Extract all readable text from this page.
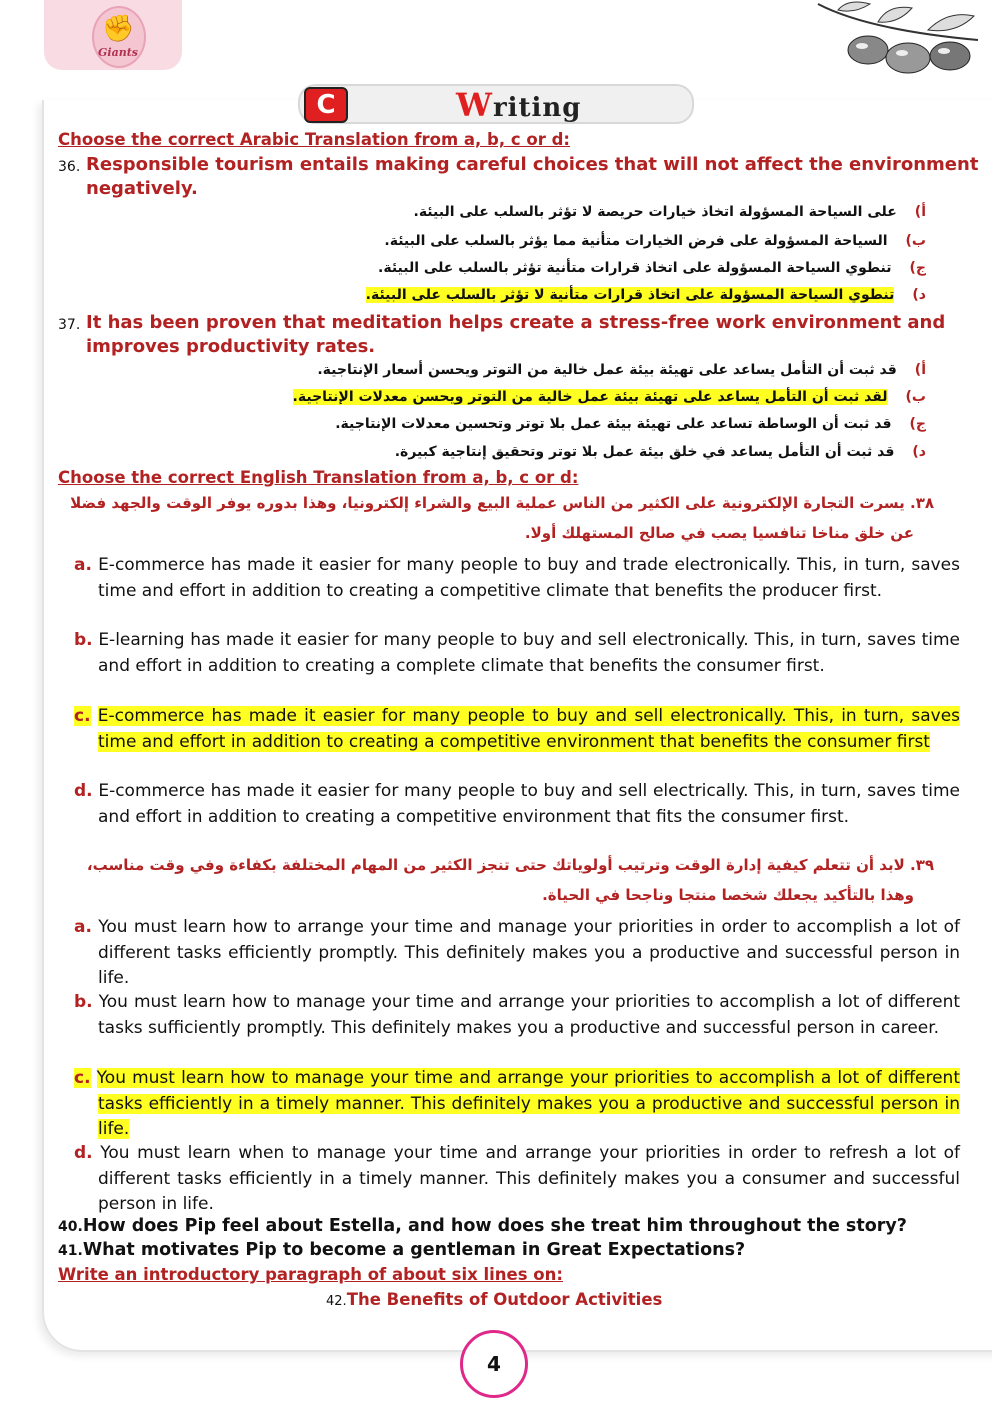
✊
Giants
C	Writing
Choose the correct Arabic Translation from a, b, c or d:
36. Responsible tourism entails making careful choices that will not affect the environment
negatively.
أ)على السياحة المسؤولة اتخاذ خيارات حريصة لا تؤثر بالسلب على البيئة.
ب)السياحة المسؤولة على فرض الخيارات متأنية مما يؤثر بالسلب على البيئة.
ج)تنطوي السياحة المسؤولة على اتخاذ قرارات متأنية تؤثر بالسلب على البيئة.
د)تنطوي السياحة المسؤولة على اتخاذ قرارات متأنية لا تؤثر بالسلب على البيئة.
37. It has been proven that meditation helps create a stress-free work environment and
improves productivity rates.
أ)قد ثبت أن التأمل يساعد على تهيئة بيئة عمل خالية من التوتر ويحسن أسعار الإنتاجية.
ب)لقد ثبت أن التأمل يساعد على تهيئة بيئة عمل خالية من التوتر ويحسن معدلات الإنتاجية.
ج)قد ثبت أن الوساطة تساعد على تهيئة بيئة عمل بلا توتر وتحسين معدلات الإنتاجية.
د)قد ثبت أن التأمل يساعد في خلق بيئة عمل بلا توتر وتحقيق إنتاجية كبيرة.
Choose the correct English Translation from a, b, c or d:
٣٨. يسرت التجارة الإلكترونية على الكثير من الناس عملية البيع والشراء إلكترونيا، وهذا بدوره يوفر الوقت والجهد فضلا
عن خلق مناخا تنافسيا يصب في صالح المستهلك أولا.
a. E-commerce has made it easier for many people to buy and trade electronically. This, in turn, saves time and effort in addition to creating a competitive climate that benefits the producer first.
b. E-learning has made it easier for many people to buy and sell electronically. This, in turn, saves time and effort in addition to creating a complete climate that benefits the consumer first.
c. E-commerce has made it easier for many people to buy and sell electronically. This, in turn, saves time and effort in addition to creating a competitive environment that benefits the consumer first
d. E-commerce has made it easier for many people to buy and sell electrically. This, in turn, saves time and effort in addition to creating a competitive environment that fits the consumer first.
٣٩. لابد أن تتعلم كيفية إدارة الوقت وترتيب أولوياتك حتى تنجز الكثير من المهام المختلفة بكفاءة وفي وقت مناسب،
وهذا بالتأكيد يجعلك شخصا منتجا وناجحا في الحياة.
a. You must learn how to arrange your time and manage your priorities in order to accomplish a lot of different tasks efficiently promptly. This definitely makes you a productive and successful person in life.
b. You must learn how to manage your time and arrange your priorities to accomplish a lot of different tasks sufficiently promptly. This definitely makes you a productive and successful person in career.
c. You must learn how to manage your time and arrange your priorities to accomplish a lot of different tasks efficiently in a timely manner. This definitely makes you a productive and successful person in life.
d. You must learn when to manage your time and arrange your priorities in order to refresh a lot of different tasks efficiently in a timely manner. This definitely makes you a consumer and successful person in life.
40.How does Pip feel about Estella, and how does she treat him throughout the story?
41.What motivates Pip to become a gentleman in Great Expectations?
Write an introductory paragraph of about six lines on:
42.The Benefits of Outdoor Activities
4
